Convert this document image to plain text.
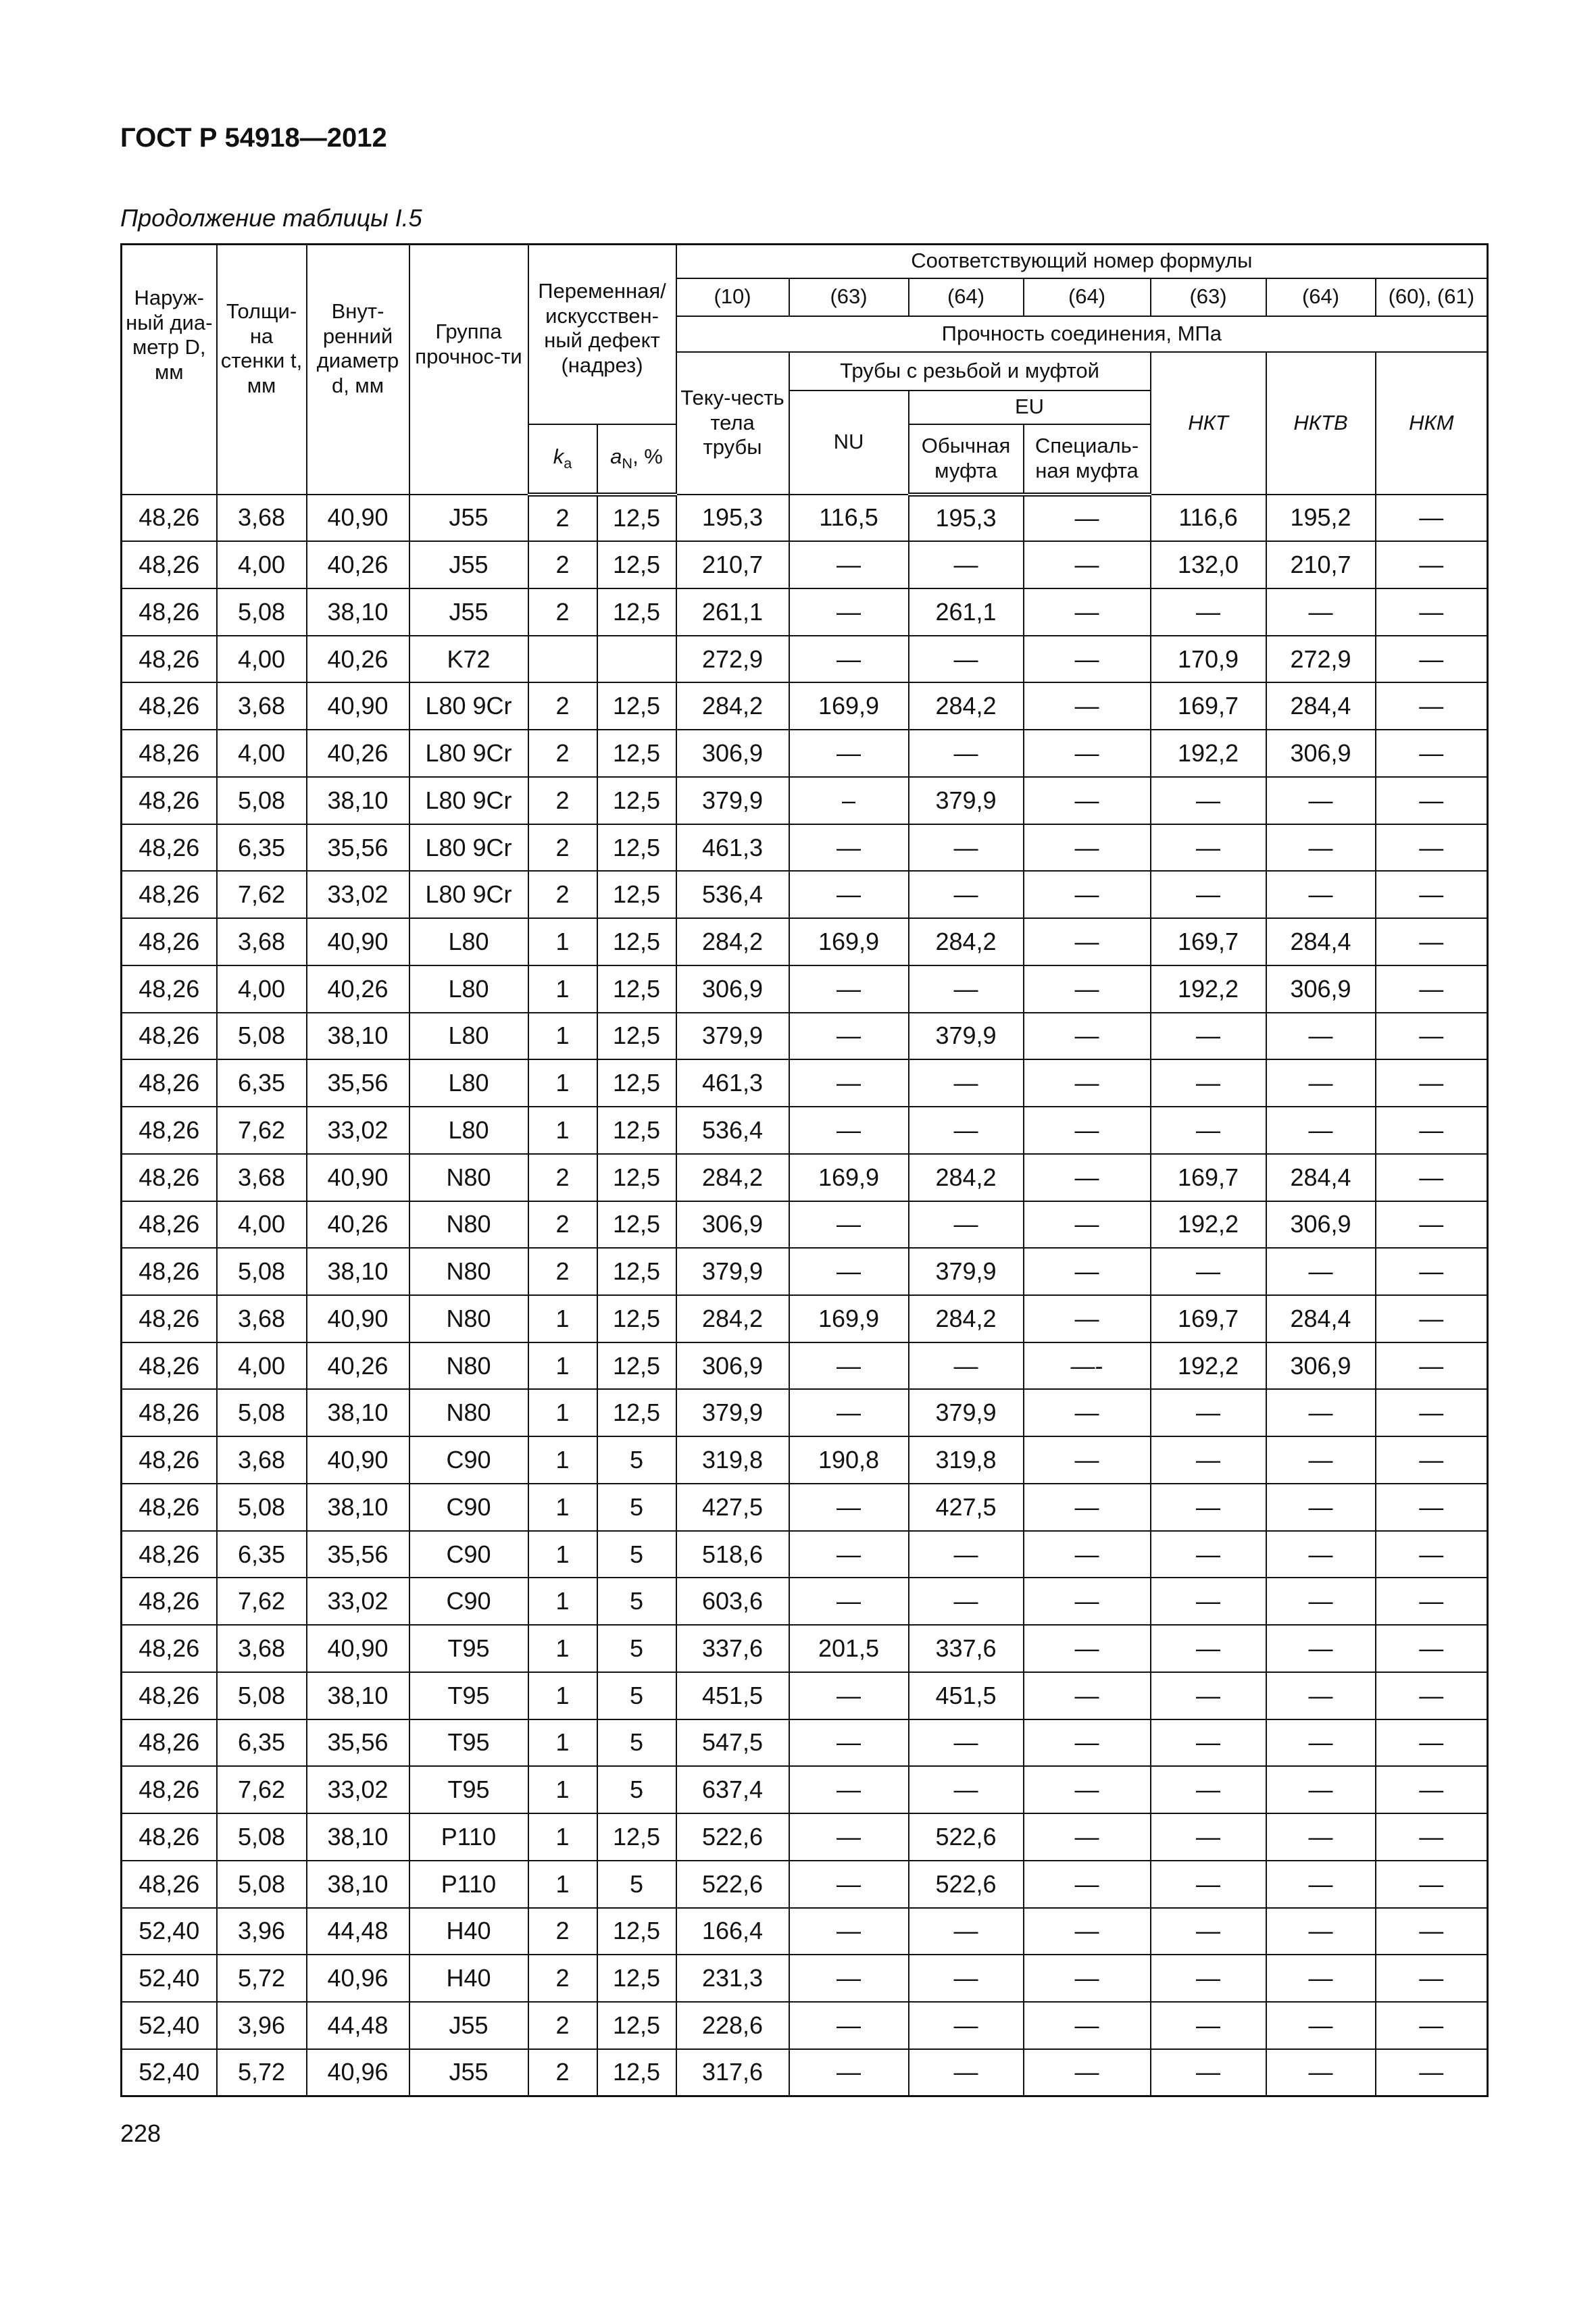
ГОСТ Р 54918—2012
Продолжение таблицы I.5
Наруж-ный диа-метр D, мм	Толщи-на стенки t, мм	Внут-ренний диаметр d, мм	Группа прочнос-ти	Переменная/ искусствен-ный дефект (надрез)		Соответствующий номер формулы						
						(10)	(63)	(64)	(64)	(63)	(64)	(60), (61)
						Прочность соединения, МПа						
						Теку-честь тела трубы	Трубы с резьбой и муфтой			НКТ	НКТВ	НКМ
							NU	EU				
				$k_a$	$a_N$, %			Обычная муфта	Специаль-ная муфта			
48,26	3,68	40,90	J55	2	12,5	195,3	116,5	195,3	—	116,6	195,2	—
48,26	4,00	40,26	J55	2	12,5	210,7	—	—	—	132,0	210,7	—
48,26	5,08	38,10	J55	2	12,5	261,1	—	261,1	—	—	—	—
48,26	4,00	40,26	K72			272,9	—	—	—	170,9	272,9	—
48,26	3,68	40,90	L80 9Cr	2	12,5	284,2	169,9	284,2	—	169,7	284,4	—
48,26	4,00	40,26	L80 9Cr	2	12,5	306,9	—	—	—	192,2	306,9	—
48,26	5,08	38,10	L80 9Cr	2	12,5	379,9	–	379,9	—	—	—	—
48,26	6,35	35,56	L80 9Cr	2	12,5	461,3	—	—	—	—	—	—
48,26	7,62	33,02	L80 9Cr	2	12,5	536,4	—	—	—	—	—	—
48,26	3,68	40,90	L80	1	12,5	284,2	169,9	284,2	—	169,7	284,4	—
48,26	4,00	40,26	L80	1	12,5	306,9	—	—	—	192,2	306,9	—
48,26	5,08	38,10	L80	1	12,5	379,9	—	379,9	—	—	—	—
48,26	6,35	35,56	L80	1	12,5	461,3	—	—	—	—	—	—
48,26	7,62	33,02	L80	1	12,5	536,4	—	—	—	—	—	—
48,26	3,68	40,90	N80	2	12,5	284,2	169,9	284,2	—	169,7	284,4	—
48,26	4,00	40,26	N80	2	12,5	306,9	—	—	—	192,2	306,9	—
48,26	5,08	38,10	N80	2	12,5	379,9	—	379,9	—	—	—	—
48,26	3,68	40,90	N80	1	12,5	284,2	169,9	284,2	—	169,7	284,4	—
48,26	4,00	40,26	N80	1	12,5	306,9	—	—	—-	192,2	306,9	—
48,26	5,08	38,10	N80	1	12,5	379,9	—	379,9	—	—	—	—
48,26	3,68	40,90	C90	1	5	319,8	190,8	319,8	—	—	—	—
48,26	5,08	38,10	C90	1	5	427,5	—	427,5	—	—	—	—
48,26	6,35	35,56	C90	1	5	518,6	—	—	—	—	—	—
48,26	7,62	33,02	C90	1	5	603,6	—	—	—	—	—	—
48,26	3,68	40,90	T95	1	5	337,6	201,5	337,6	—	—	—	—
48,26	5,08	38,10	T95	1	5	451,5	—	451,5	—	—	—	—
48,26	6,35	35,56	T95	1	5	547,5	—	—	—	—	—	—
48,26	7,62	33,02	T95	1	5	637,4	—	—	—	—	—	—
48,26	5,08	38,10	P110	1	12,5	522,6	—	522,6	—	—	—	—
48,26	5,08	38,10	P110	1	5	522,6	—	522,6	—	—	—	—
52,40	3,96	44,48	H40	2	12,5	166,4	—	—	—	—	—	—
52,40	5,72	40,96	H40	2	12,5	231,3	—	—	—	—	—	—
52,40	3,96	44,48	J55	2	12,5	228,6	—	—	—	—	—	—
52,40	5,72	40,96	J55	2	12,5	317,6	—	—	—	—	—	—
228
